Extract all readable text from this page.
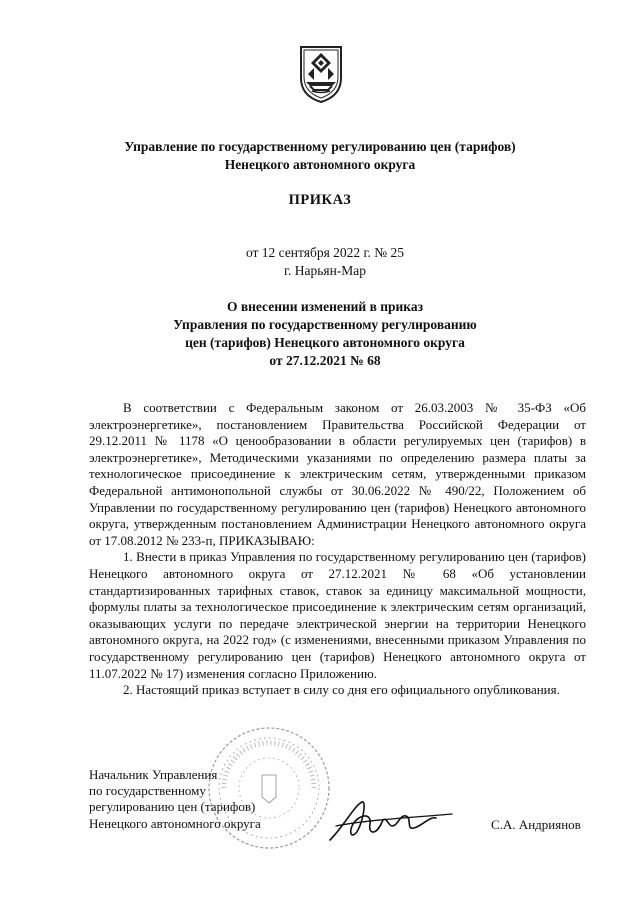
Управление по государственному регулированию цен (тарифов)
Ненецкого автономного округа
ПРИКАЗ
от 12 сентября 2022 г. № 25
г. Нарьян-Мар
О внесении изменений в приказ
Управления по государственному регулированию
цен (тарифов) Ненецкого автономного округа
от 27.12.2021 № 68

В соответствии с Федеральным законом от 26.03.2003 № 35-ФЗ «Об электроэнергетике», постановлением Правительства Российской Федерации от 29.12.2011 № 1178 «О ценообразовании в области регулируемых цен (тарифов) в электроэнергетике», Методическими указаниями по определению размера платы за технологическое присоединение к электрическим сетям, утвержденными приказом Федеральной антимонопольной службы от 30.06.2022 № 490/22, Положением об Управлении по государственному регулированию цен (тарифов) Ненецкого автономного округа, утвержденным постановлением Администрации Ненецкого автономного округа от 17.08.2012 № 233-п, ПРИКАЗЫВАЮ:

1. Внести в приказ Управления по государственному регулированию цен (тарифов) Ненецкого автономного округа от 27.12.2021 № 68 «Об установлении стандартизированных тарифных ставок, ставок за единицу максимальной мощности, формулы платы за технологическое присоединение к электрическим сетям организаций, оказывающих услуги по передаче электрической энергии на территории Ненецкого автономного округа, на 2022 год» (с изменениями, внесенными приказом Управления по государственному регулированию цен (тарифов) Ненецкого автономного округа от 11.07.2022 № 17) изменения согласно Приложению.

2. Настоящий приказ вступает в силу со дня его официального опубликования.

Начальник Управления
по государственному
регулированию цен (тарифов)
Ненецкого автономного округа	С.А. Андриянов
